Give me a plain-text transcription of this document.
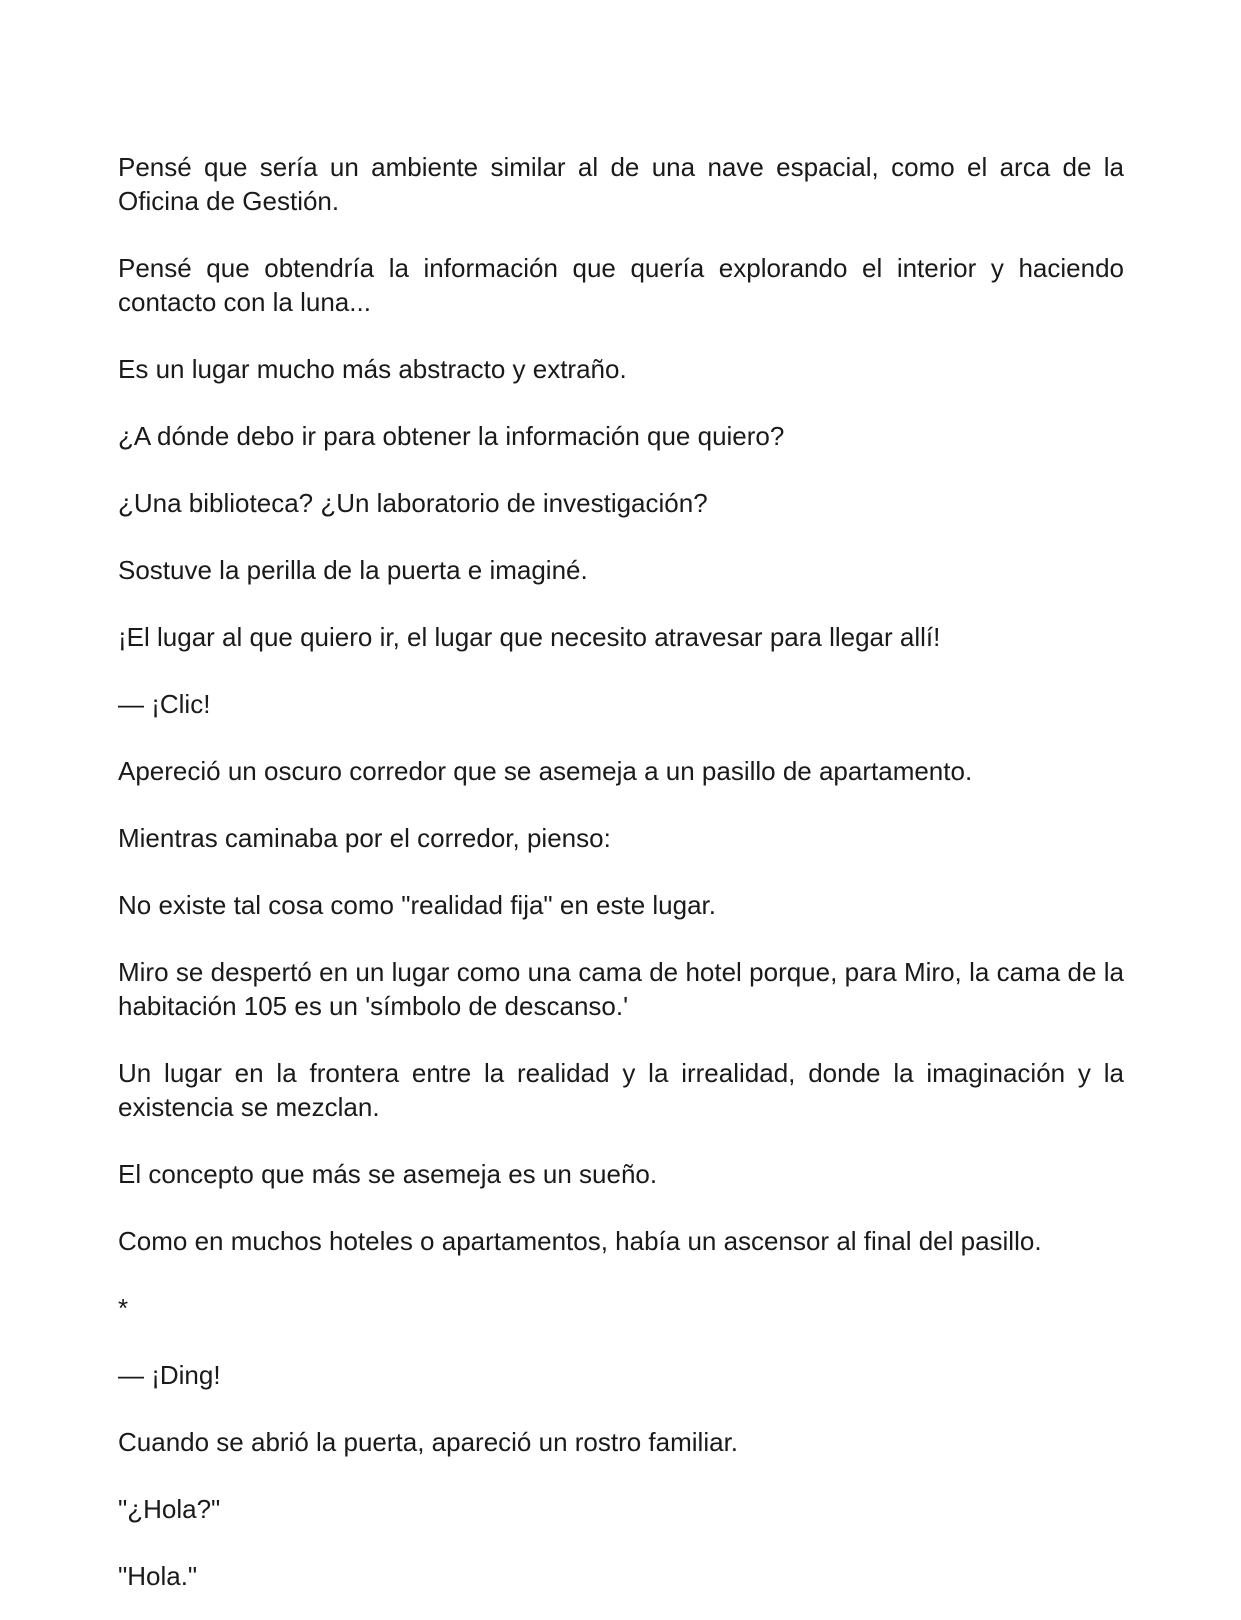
Pensé que sería un ambiente similar al de una nave espacial, como el arca de la Oficina de Gestión.

Pensé que obtendría la información que quería explorando el interior y haciendo contacto con la luna...

Es un lugar mucho más abstracto y extraño.

¿A dónde debo ir para obtener la información que quiero?

¿Una biblioteca? ¿Un laboratorio de investigación?

Sostuve la perilla de la puerta e imaginé.

¡El lugar al que quiero ir, el lugar que necesito atravesar para llegar allí!

— ¡Clic!

Apereció un oscuro corredor que se asemeja a un pasillo de apartamento.

Mientras caminaba por el corredor, pienso:

No existe tal cosa como "realidad fija" en este lugar.

Miro se despertó en un lugar como una cama de hotel porque, para Miro, la cama de la habitación 105 es un 'símbolo de descanso.'

Un lugar en la frontera entre la realidad y la irrealidad, donde la imaginación y la existencia se mezclan.

El concepto que más se asemeja es un sueño.

Como en muchos hoteles o apartamentos, había un ascensor al final del pasillo.

*

— ¡Ding!

Cuando se abrió la puerta, apareció un rostro familiar.

"¿Hola?"

"Hola."
